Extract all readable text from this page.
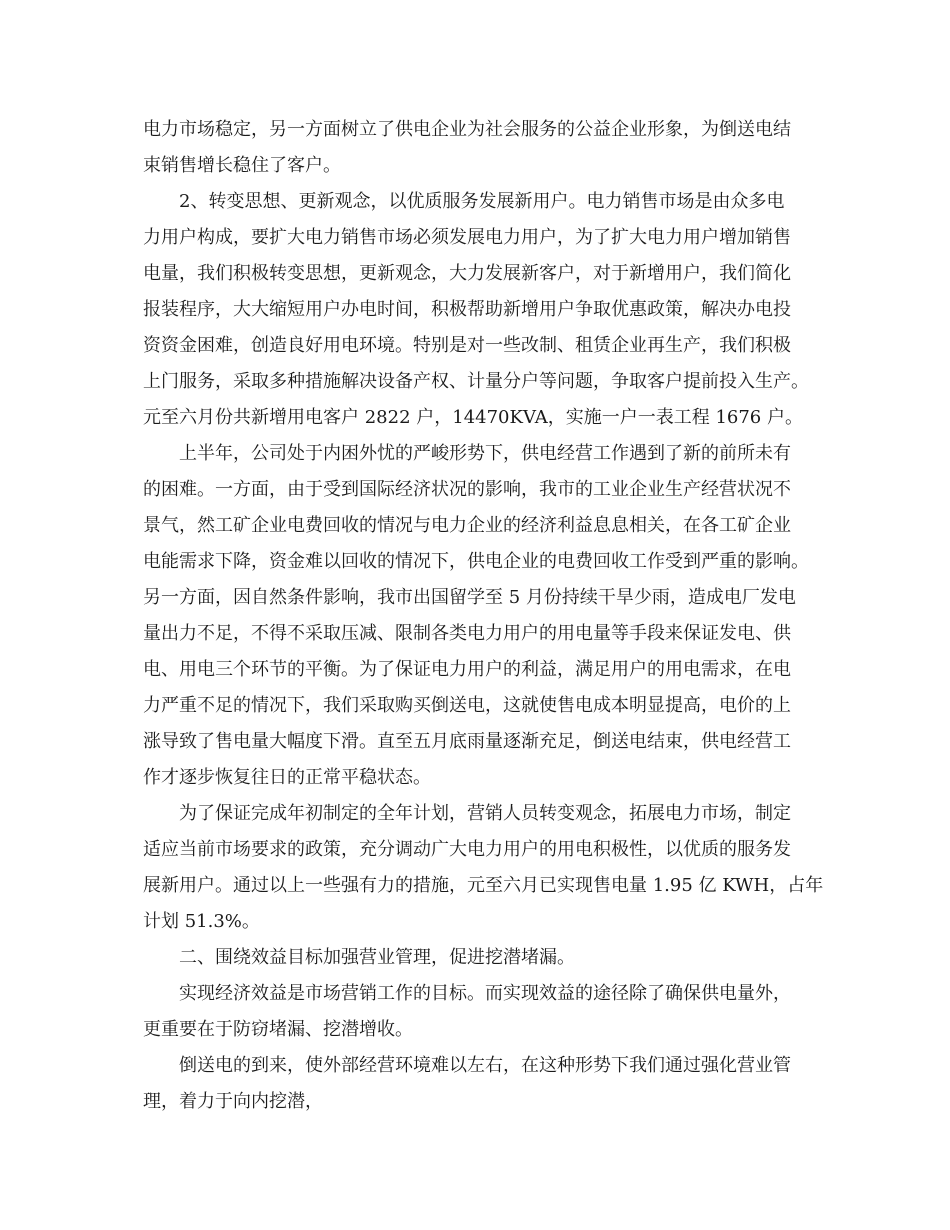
电力市场稳定，另一方面树立了供电企业为社会服务的公益企业形象，为倒送电结
束销售增长稳住了客户。
2、转变思想、更新观念，以优质服务发展新用户。电力销售市场是由众多电
力用户构成，要扩大电力销售市场必须发展电力用户，为了扩大电力用户增加销售
电量，我们积极转变思想，更新观念，大力发展新客户，对于新增用户，我们简化
报装程序，大大缩短用户办电时间，积极帮助新增用户争取优惠政策，解决办电投
资资金困难，创造良好用电环境。特别是对一些改制、租赁企业再生产，我们积极
上门服务，采取多种措施解决设备产权、计量分户等问题，争取客户提前投入生产。
元至六月份共新增用电客户 2822 户，14470KVA，实施一户一表工程 1676 户。
上半年，公司处于内困外忧的严峻形势下，供电经营工作遇到了新的前所未有
的困难。一方面，由于受到国际经济状况的影响，我市的工业企业生产经营状况不
景气，然工矿企业电费回收的情况与电力企业的经济利益息息相关，在各工矿企业
电能需求下降，资金难以回收的情况下，供电企业的电费回收工作受到严重的影响。
另一方面，因自然条件影响，我市出国留学至 5 月份持续干旱少雨，造成电厂发电
量出力不足，不得不采取压减、限制各类电力用户的用电量等手段来保证发电、供
电、用电三个环节的平衡。为了保证电力用户的利益，满足用户的用电需求，在电
力严重不足的情况下，我们采取购买倒送电，这就使售电成本明显提高，电价的上
涨导致了售电量大幅度下滑。直至五月底雨量逐渐充足，倒送电结束，供电经营工
作才逐步恢复往日的正常平稳状态。
为了保证完成年初制定的全年计划，营销人员转变观念，拓展电力市场，制定
适应当前市场要求的政策，充分调动广大电力用户的用电积极性，以优质的服务发
展新用户。通过以上一些强有力的措施，元至六月已实现售电量 1.95 亿 KWH，占年
计划 51.3%。
二、围绕效益目标加强营业管理，促进挖潜堵漏。
实现经济效益是市场营销工作的目标。而实现效益的途径除了确保供电量外，
更重要在于防窃堵漏、挖潜增收。
倒送电的到来，使外部经营环境难以左右，在这种形势下我们通过强化营业管
理，着力于向内挖潜，
